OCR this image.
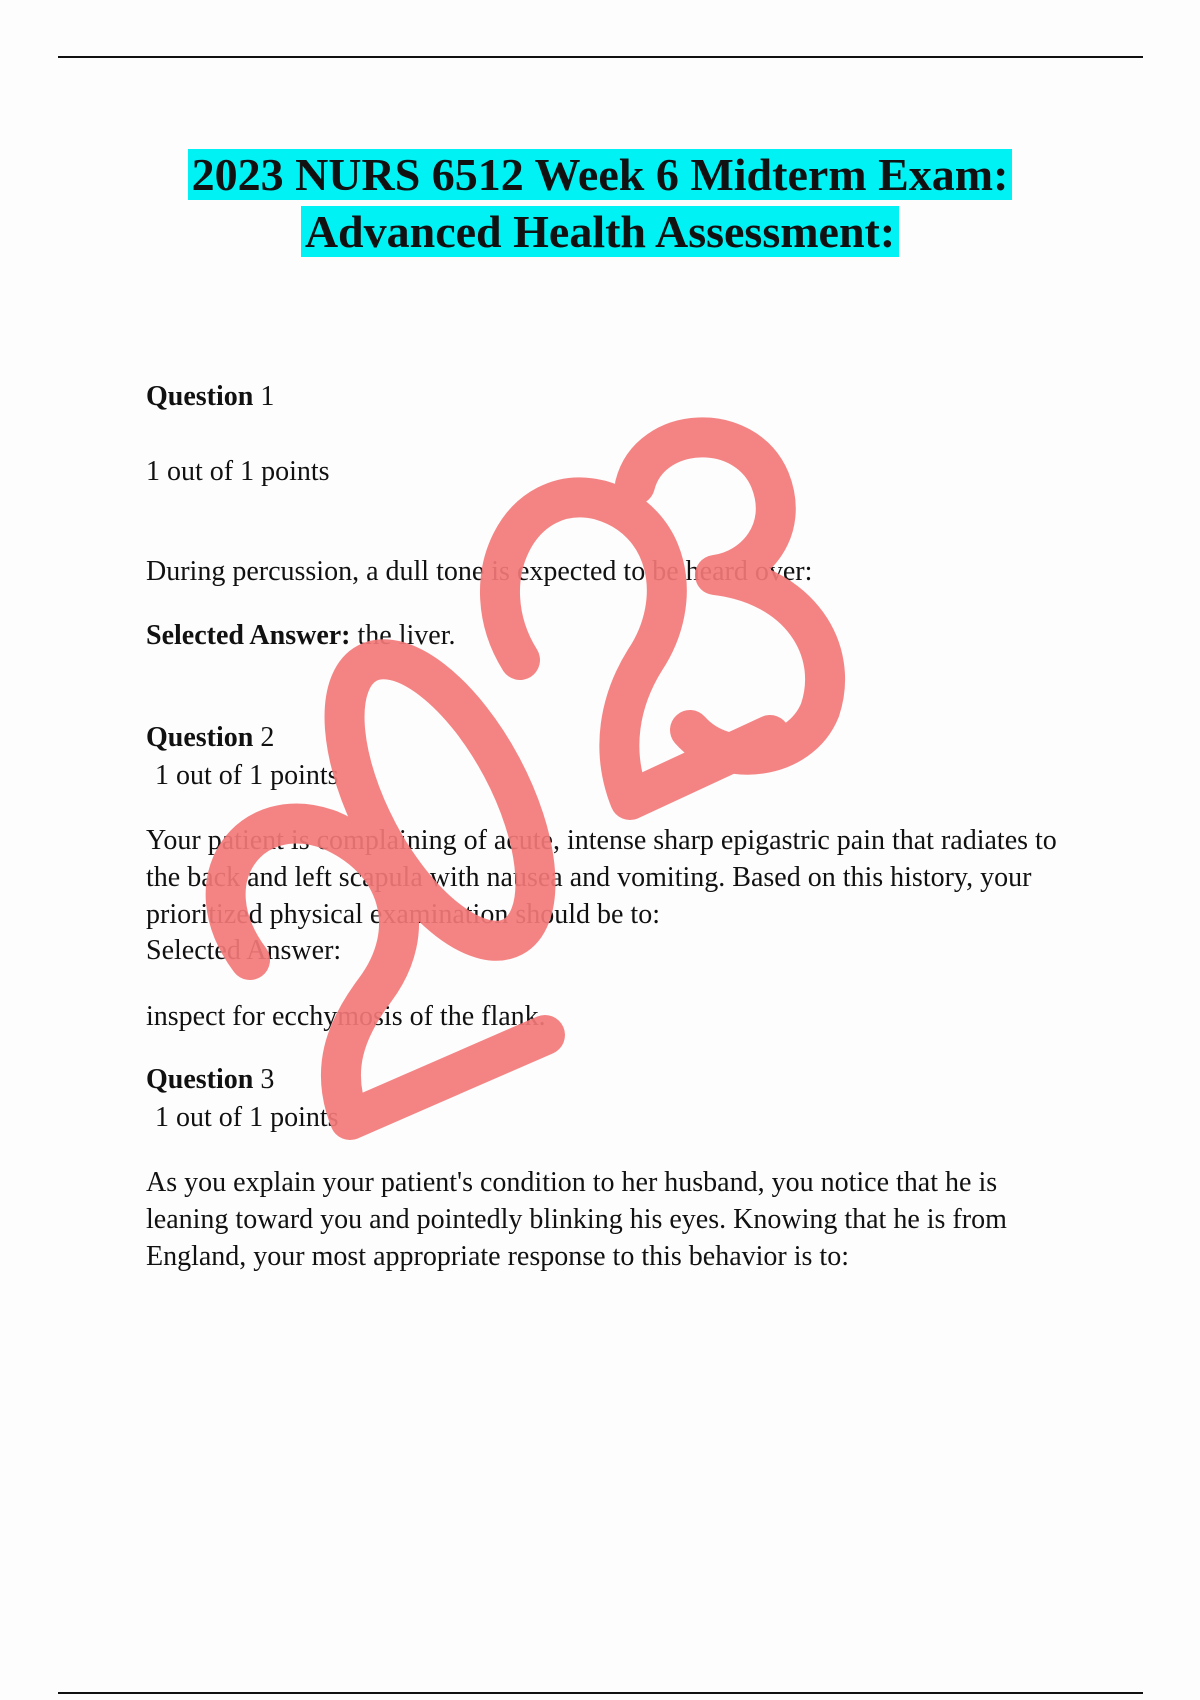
2023 NURS 6512 Week 6 Midterm Exam:
Advanced Health Assessment:
Question 1
1 out of 1 points
During percussion, a dull tone is expected to be heard over:
Selected Answer: the liver.
Question 2
1 out of 1 points
Your patient is complaining of acute, intense sharp epigastric pain that radiates to the back and left scapula with nausea and vomiting. Based on this history, your prioritized physical examination should be to:
Selected Answer:
inspect for ecchymosis of the flank.
Question 3
1 out of 1 points
As you explain your patient's condition to her husband, you notice that he is leaning toward you and pointedly blinking his eyes. Knowing that he is from England, your most appropriate response to this behavior is to:
